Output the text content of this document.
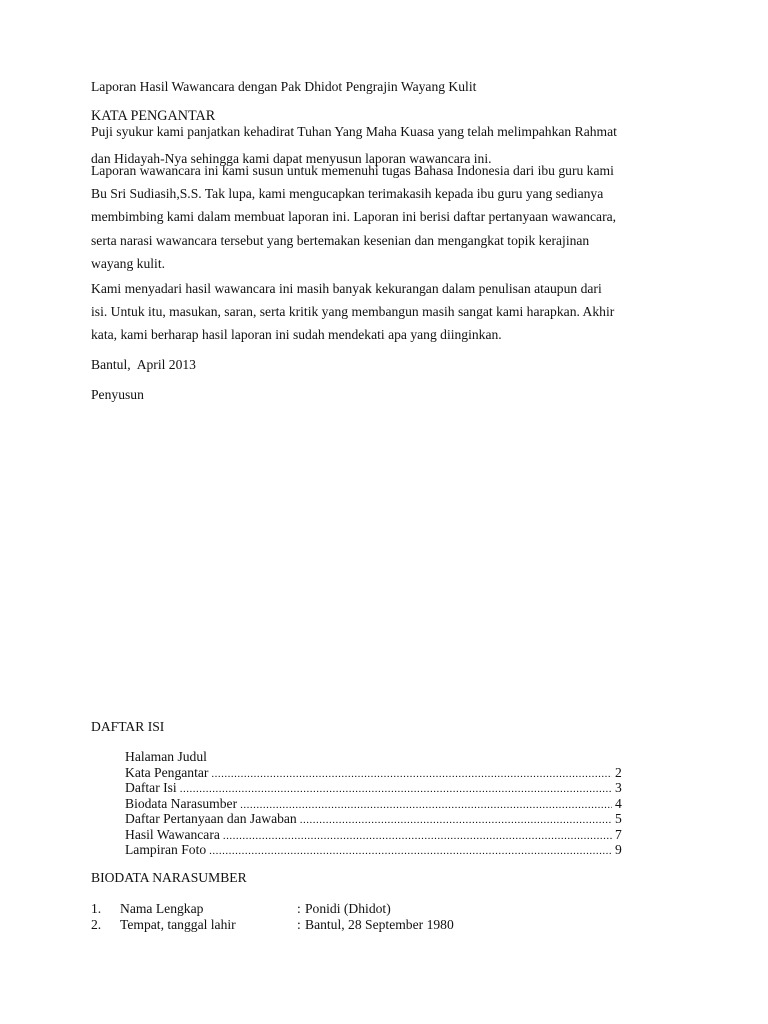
Laporan Hasil Wawancara dengan Pak Dhidot Pengrajin Wayang Kulit
KATA PENGANTAR
Puji syukur kami panjatkan kehadirat Tuhan Yang Maha Kuasa yang telah melimpahkan Rahmat
dan Hidayah-Nya sehingga kami dapat menyusun laporan wawancara ini.
Laporan wawancara ini kami susun untuk memenuhi tugas Bahasa Indonesia dari ibu guru kami
Bu Sri Sudiasih,S.S. Tak lupa, kami mengucapkan terimakasih kepada ibu guru yang sedianya
membimbing kami dalam membuat laporan ini. Laporan ini berisi daftar pertanyaan wawancara,
serta narasi wawancara tersebut yang bertemakan kesenian dan mengangkat topik kerajinan
wayang kulit.
Kami menyadari hasil wawancara ini masih banyak kekurangan dalam penulisan ataupun dari
isi. Untuk itu, masukan, saran, serta kritik yang membangun masih sangat kami harapkan. Akhir
kata, kami berharap hasil laporan ini sudah mendekati apa yang diinginkan.
Bantul,  April 2013
Penyusun
DAFTAR ISI
Halaman Judul
Kata Pengantar .....	2
Daftar Isi .....	3
Biodata Narasumber .....	4
Daftar Pertanyaan dan Jawaban .....	5
Hasil Wawancara .....	7
Lampiran Foto .....	9
BIODATA NARASUMBER
1. Nama Lengkap	: Ponidi (Dhidot)
2. Tempat, tanggal lahir	: Bantul, 28 September 1980
